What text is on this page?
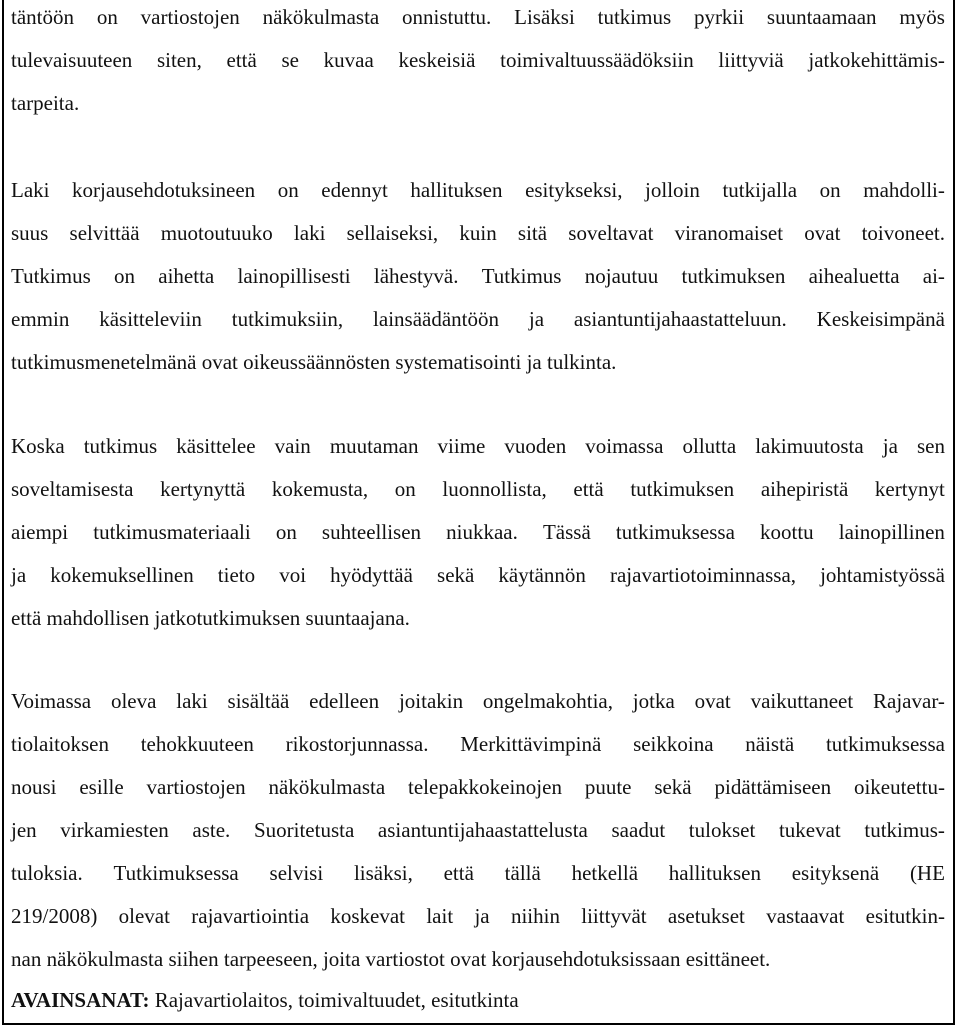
täntöön on vartiostojen näkökulmasta onnistuttu. Lisäksi tutkimus pyrkii suuntaamaan myös
tulevaisuuteen siten, että se kuvaa keskeisiä toimivaltuussäädöksiin liittyviä jatkokehittämis-
tarpeita.
Laki korjausehdotuksineen on edennyt hallituksen esitykseksi, jolloin tutkijalla on mahdolli-
suus selvittää muotoutuuko laki sellaiseksi, kuin sitä soveltavat viranomaiset ovat toivoneet.
Tutkimus on aihetta lainopillisesti lähestyvä. Tutkimus nojautuu tutkimuksen aihealuetta ai-
emmin käsitteleviin tutkimuksiin, lainsäädäntöön ja asiantuntijahaastatteluun. Keskeisimpänä
tutkimusmenetelmänä ovat oikeussäännösten systematisointi ja tulkinta.
Koska tutkimus käsittelee vain muutaman viime vuoden voimassa ollutta lakimuutosta ja sen
soveltamisesta kertynyttä kokemusta, on luonnollista, että tutkimuksen aihepiristä kertynyt
aiempi tutkimusmateriaali on suhteellisen niukkaa. Tässä tutkimuksessa koottu lainopillinen
ja kokemuksellinen tieto voi hyödyttää sekä käytännön rajavartiotoiminnassa, johtamistyössä
että mahdollisen jatkotutkimuksen suuntaajana.
Voimassa oleva laki sisältää edelleen joitakin ongelmakohtia, jotka ovat vaikuttaneet Rajavar-
tiolaitoksen tehokkuuteen rikostorjunnassa. Merkittävimpinä seikkoina näistä tutkimuksessa
nousi esille vartiostojen näkökulmasta telepakkokeinojen puute sekä pidättämiseen oikeutettu-
jen virkamiesten aste. Suoritetusta asiantuntijahaastattelusta saadut tulokset tukevat tutkimus-
tuloksia. Tutkimuksessa selvisi lisäksi, että tällä hetkellä hallituksen esityksenä (HE
219/2008) olevat rajavartiointia koskevat lait ja niihin liittyvät asetukset vastaavat esitutkin-
nan näkökulmasta siihen tarpeeseen, joita vartiostot ovat korjausehdotuksissaan esittäneet.
AVAINSANAT: Rajavartiolaitos, toimivaltuudet, esitutkinta
